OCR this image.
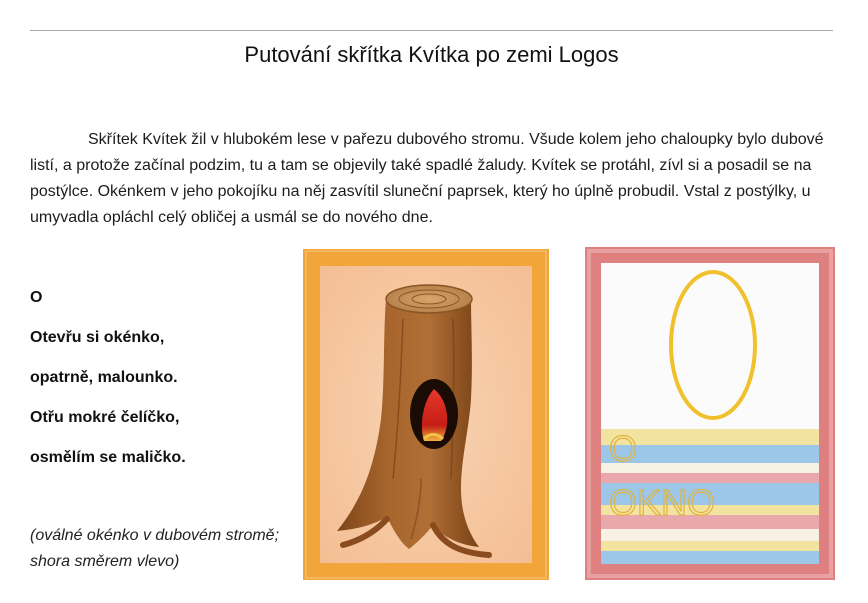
Putování skřítka Kvítka po zemi Logos

Skřítek Kvítek žil v hlubokém lese v pařezu dubového stromu. Všude kolem jeho chaloupky bylo dubové listí, a protože začínal podzim, tu a tam se objevily také spadlé žaludy. Kvítek se protáhl, zívl si a posadil se na postýlce. Okénkem v jeho pokojíku na něj zasvítil sluneční paprsek, který ho úplně probudil. Vstal z postýlky, u umyvadla opláchl celý obličej a usmál se do nového dne.

O
Otevřu si okénko,
opatrně, malounko.
Otřu mokré čelíčko,
osmělím se maličko.
(oválné okénko v dubovém stromě; shora směrem vlevo)
O
OKNO
